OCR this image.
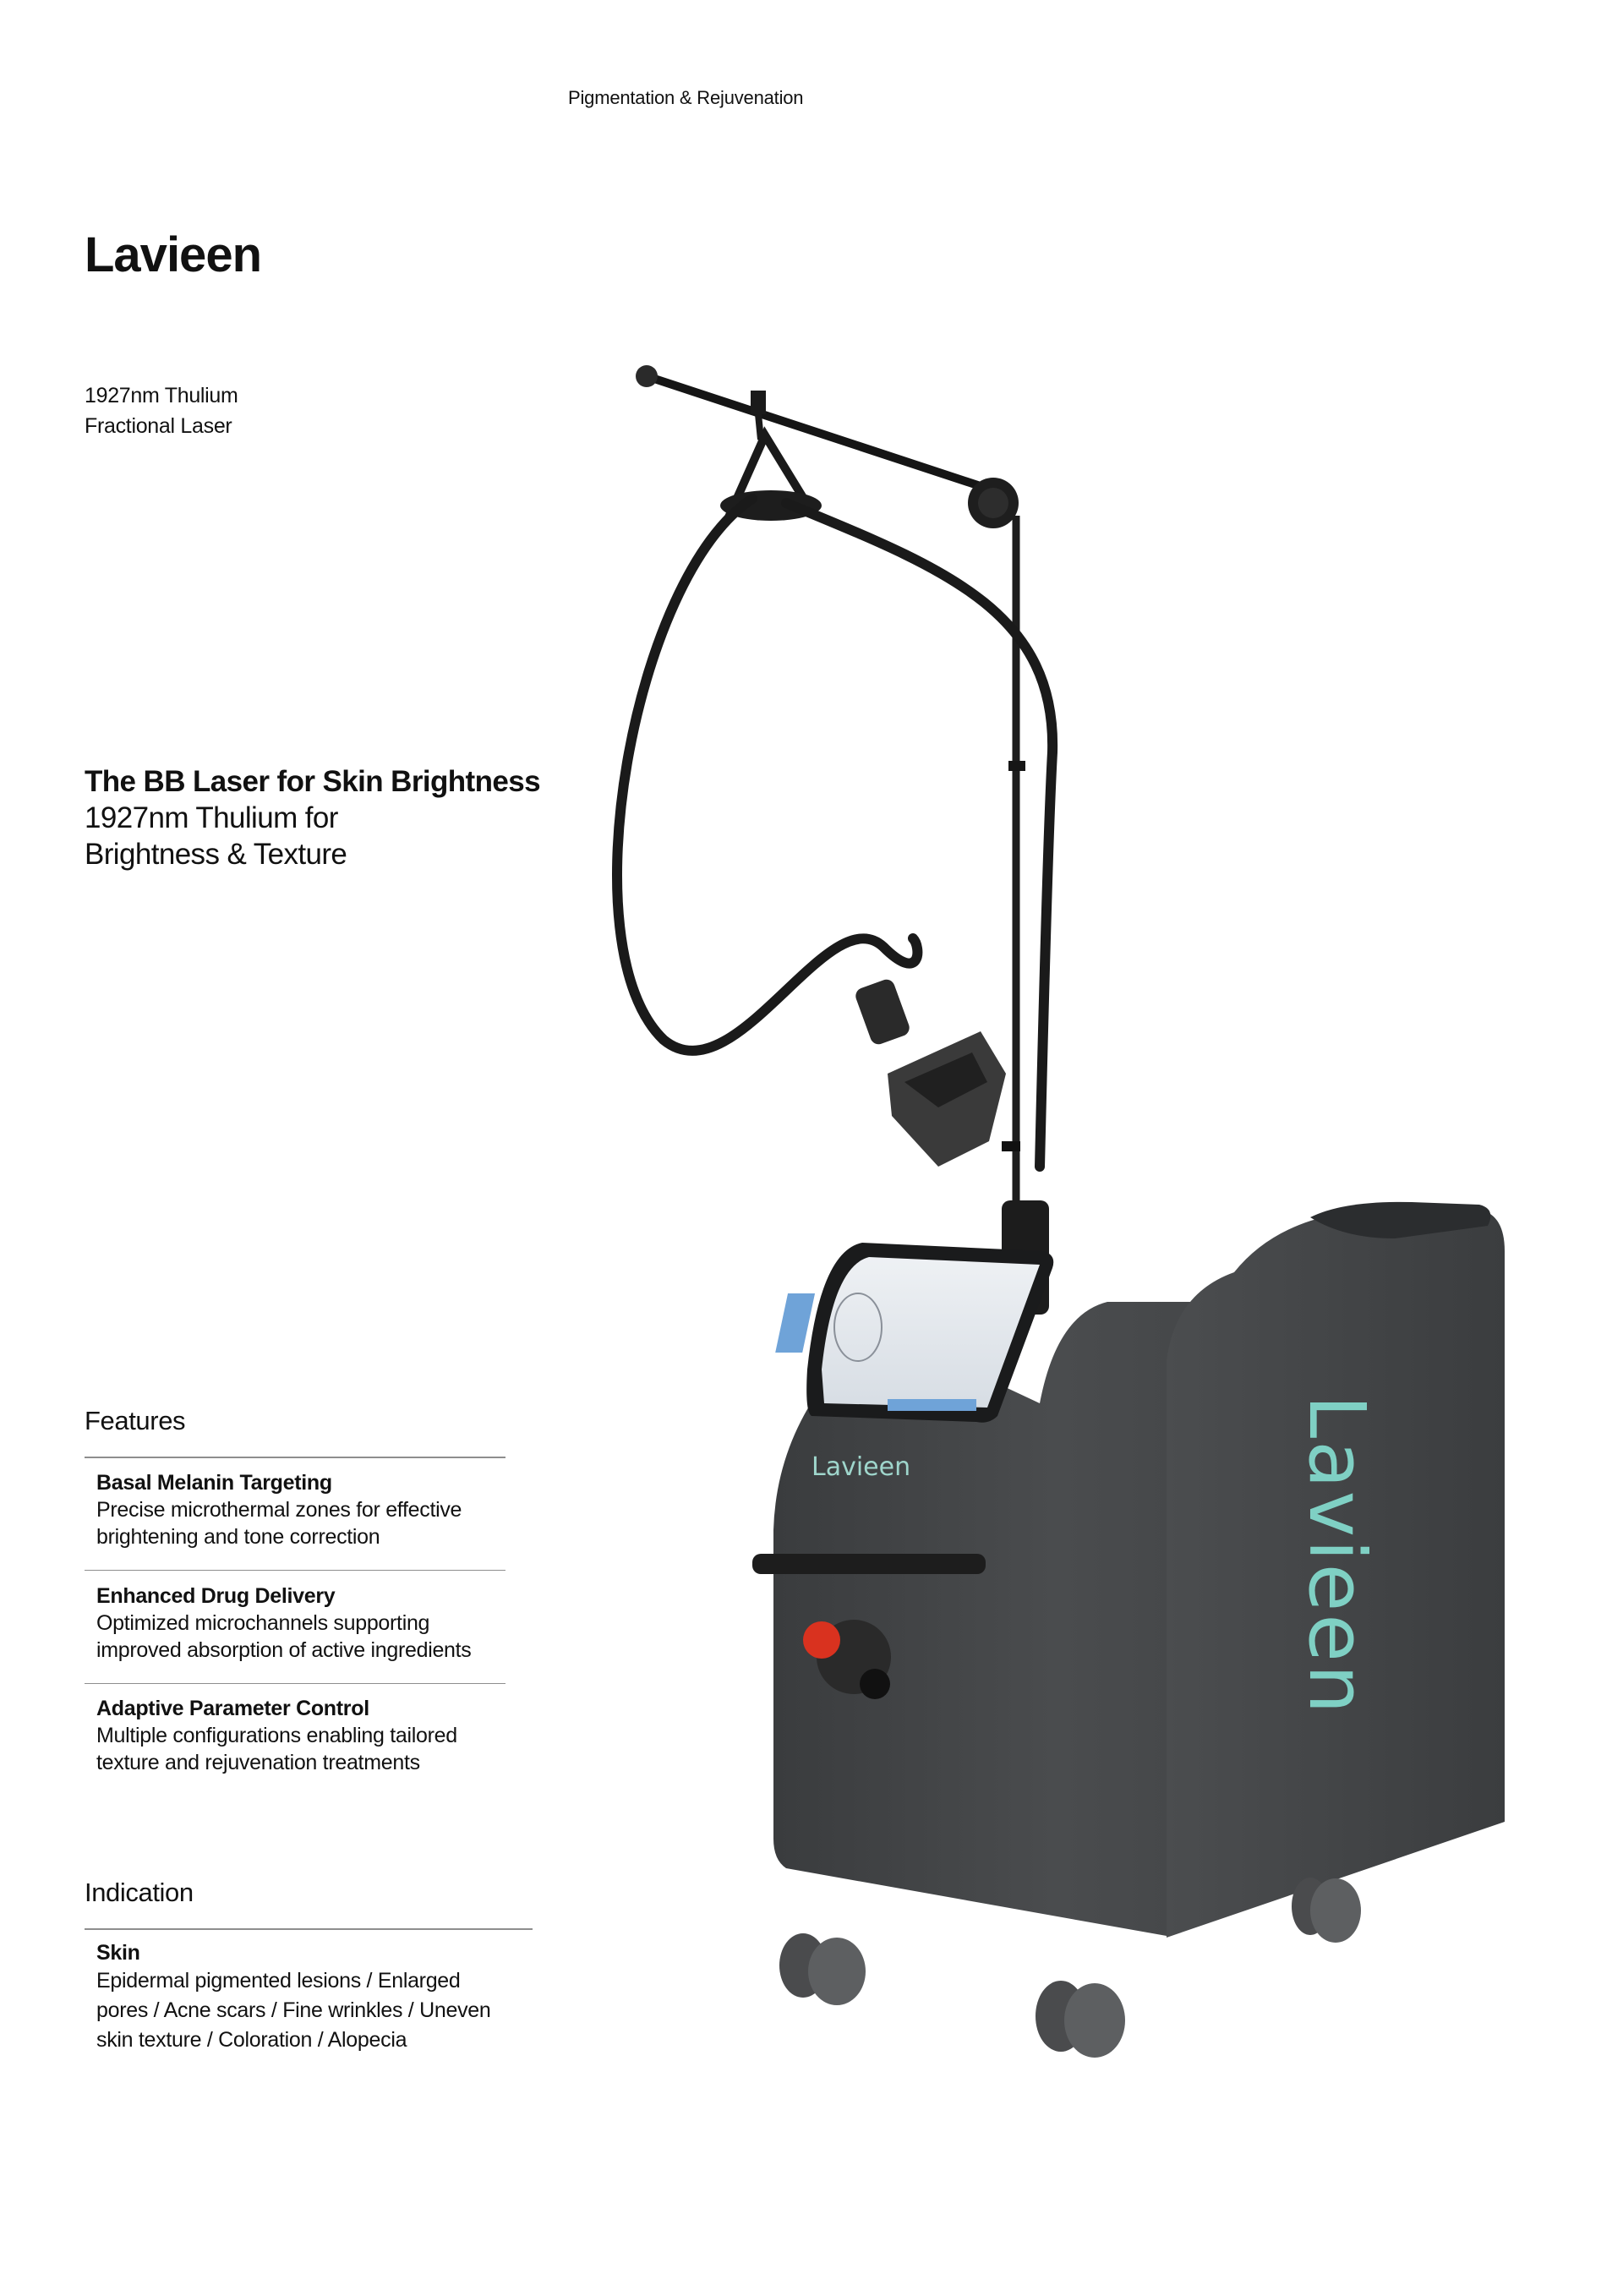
Pigmentation & Rejuvenation
Lavieen
1927nm Thulium
Fractional Laser
The BB Laser for Skin Brightness
1927nm Thulium for
Brightness & Texture
Features
Basal Melanin Targeting
Precise microthermal zones for effective
brightening and tone correction
Enhanced Drug Delivery
Optimized microchannels supporting
improved absorption of active ingredients
Adaptive Parameter Control
Multiple configurations enabling tailored
texture and rejuvenation treatments
Indication
Skin
Epidermal pigmented lesions / Enlarged
pores / Acne scars / Fine wrinkles / Uneven
skin texture / Coloration / Alopecia
Lavieen	Lavieen
